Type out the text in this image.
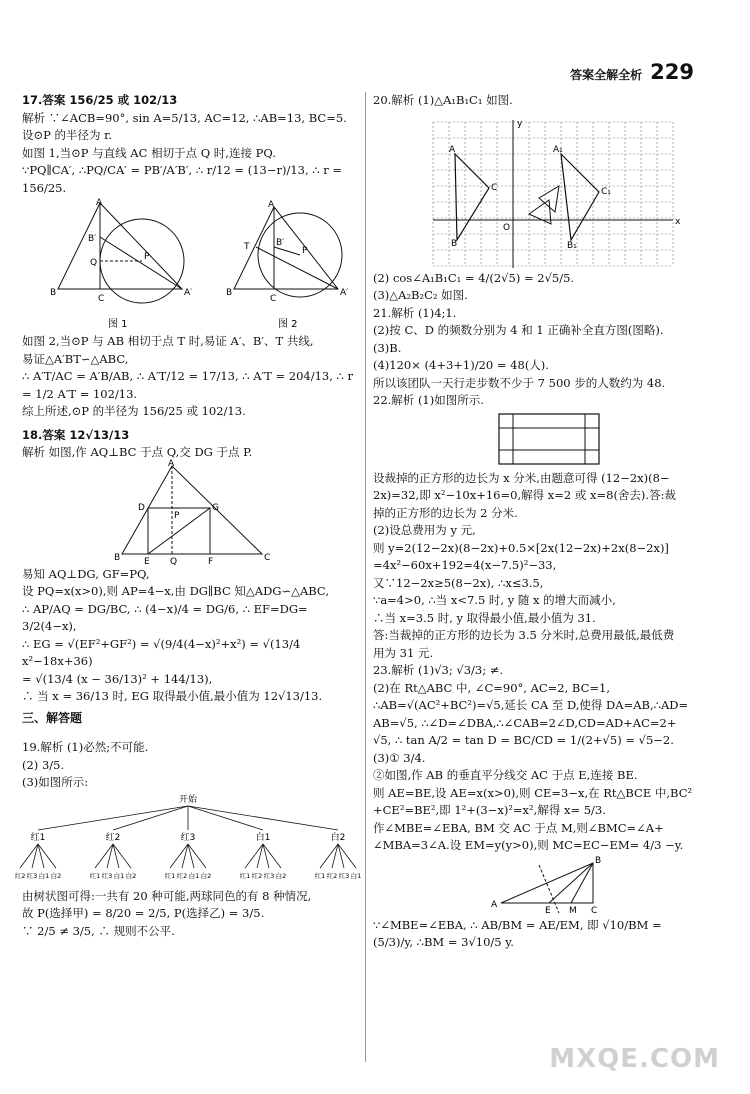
答案全解全析 229

17.答案 156/25 或 102/13

解析 ∵∠ACB=90°, sin A=5/13, AC=12, ∴AB=13, BC=5.

设⊙P 的半径为 r.

如图 1,当⊙P 与直线 AC 相切于点 Q 时,连接 PQ.

∵PQ∥CA′, ∴PQ/CA′ = PB′/A′B′, ∴ r/12 = (13−r)/13, ∴ r = 156/25.

A
B′
Q
P
B
C
A′
图 1
A
T	B′
P
B
C
A′
图 2

如图 2,当⊙P 与 AB 相切于点 T 时,易证 A′、B′、T 共线,

易证△A′BT∽△ABC,

∴ A′T/AC = A′B/AB, ∴ A′T/12 = 17/13, ∴ A′T = 204/13, ∴ r = 1/2 A′T = 102/13.

综上所述,⊙P 的半径为 156/25 或 102/13.

18.答案 12√13/13

解析 如图,作 AQ⊥BC 于点 Q,交 DG 于点 P.

A
D
P
G
B	E Q	F	C

易知 AQ⊥DG, GF=PQ,

设 PQ=x(x>0),则 AP=4−x,由 DG∥BC 知△ADG∽△ABC,

∴ AP/AQ = DG/BC, ∴ (4−x)/4 = DG/6, ∴ EF=DG= 3/2(4−x),

∴ EG = √(EF²+GF²) = √(9/4(4−x)²+x²) = √(13/4 x²−18x+36)

= √(13/4 (x − 36/13)² + 144/13),

∴ 当 x = 36/13 时, EG 取得最小值,最小值为 12√13/13.

三、解答题

19.解析 (1)必然;不可能.

(2) 3/5.

(3)如图所示:

开始
红1
红2 红3 白1 白2
红2
红1 红3 白1 白2
红3
红1 红2 白1 白2
白1
红1 红2 红3 白2
白2
红1 红2 红3 白1

由树状图可得:一共有 20 种可能,两球同色的有 8 种情况,

故 P(选择甲) = 8/20 = 2/5, P(选择乙) = 3/5.

∵ 2/5 ≠ 3/5, ∴ 规则不公平.

20.解析 (1)△A₁B₁C₁ 如图.

A
B
C
A₁
B₁
C₁
O
x
y

(2) cos∠A₁B₁C₁ = 4/(2√5) = 2√5/5.

(3)△A₂B₂C₂ 如图.

21.解析 (1)4;1.

(2)按 C、D 的频数分别为 4 和 1 正确补全直方图(图略).

(3)B.

(4)120× (4+3+1)/20 = 48(人).

所以该团队一天行走步数不少于 7 500 步的人数约为 48.

22.解析 (1)如图所示.

设裁掉的正方形的边长为 x 分米,由题意可得 (12−2x)(8−

2x)=32,即 x²−10x+16=0,解得 x=2 或 x=8(舍去).答:裁

掉的正方形的边长为 2 分米.

(2)设总费用为 y 元,

则 y=2(12−2x)(8−2x)+0.5×[2x(12−2x)+2x(8−2x)]

=4x²−60x+192=4(x−7.5)²−33,

又∵12−2x≥5(8−2x), ∴x≤3.5,

∵a=4>0, ∴当 x<7.5 时, y 随 x 的增大而减小,

∴当 x=3.5 时, y 取得最小值,最小值为 31.

答:当裁掉的正方形的边长为 3.5 分米时,总费用最低,最低费

用为 31 元.

23.解析 (1)√3; √3/3; ≠.

(2)在 Rt△ABC 中, ∠C=90°, AC=2, BC=1,

∴AB=√(AC²+BC²)=√5,延长 CA 至 D,使得 DA=AB,∴AD=

AB=√5, ∴∠D=∠DBA,∴∠CAB=2∠D,CD=AD+AC=2+

√5, ∴ tan A/2 = tan D = BC/CD = 1/(2+√5) = √5−2.

(3)① 3/4.

②如图,作 AB 的垂直平分线交 AC 于点 E,连接 BE.

则 AE=BE,设 AE=x(x>0),则 CE=3−x,在 Rt△BCE 中,BC²

+CE²=BE²,即 1²+(3−x)²=x²,解得 x= 5/3.

作∠MBE=∠EBA, BM 交 AC 于点 M,则∠BMC=∠A+

∠MBA=3∠A.设 EM=y(y>0),则 MC=EC−EM= 4/3 −y.

A
E M C
B

∵∠MBE=∠EBA, ∴ AB/BM = AE/EM, 即 √10/BM = (5/3)/y, ∴BM = 3√10/5 y.

MXQE.COM
